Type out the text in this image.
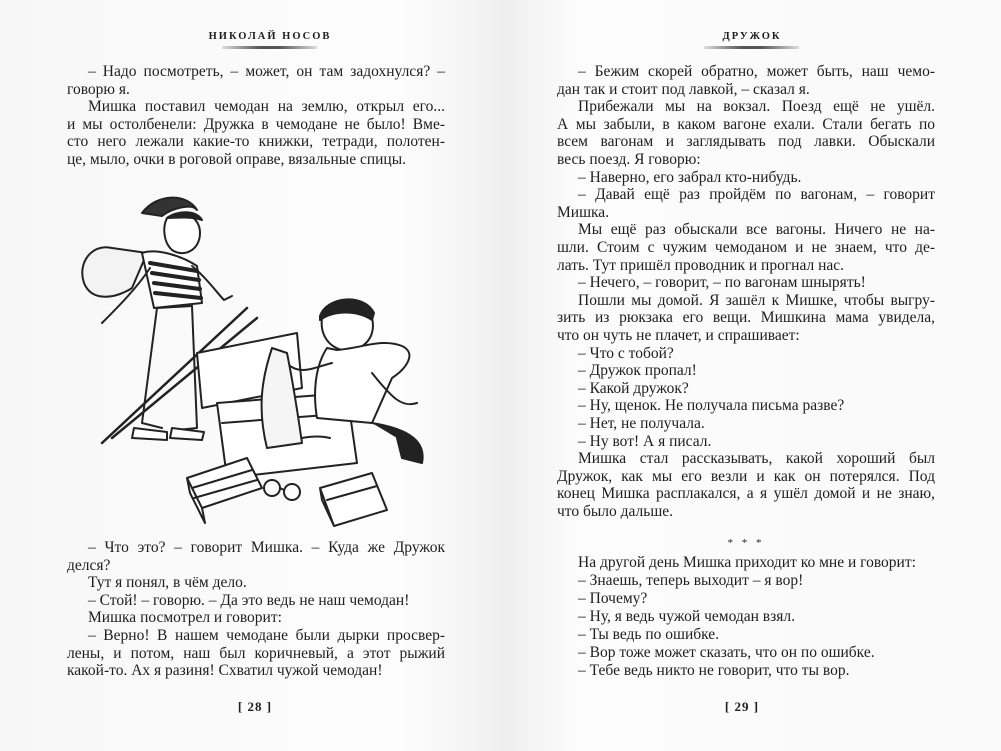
НИКОЛАЙ НОСОВ
– Надо посмотреть, – может, он там задохнулся? –
говорю я.
Мишка поставил чемодан на землю, открыл его...
и мы остолбенели: Дружка в чемодане не было! Вме-
сто него лежали какие-то книжки, тетради, полотен-
це, мыло, очки в роговой оправе, вязальные спицы.
– Что это? – говорит Мишка. – Куда же Дружок
делся?
Тут я понял, в чём дело.
– Стой! – говорю. – Да это ведь не наш чемодан!
Мишка посмотрел и говорит:
– Верно! В нашем чемодане были дырки просвер-
лены, и потом, наш был коричневый, а этот рыжий
какой-то. Ах я разиня! Схватил чужой чемодан!
[ 28 ]
ДРУЖОК
– Бежим скорей обратно, может быть, наш чемо-
дан так и стоит под лавкой, – сказал я.
Прибежали мы на вокзал. Поезд ещё не ушёл.
А мы забыли, в каком вагоне ехали. Стали бегать по
всем вагонам и заглядывать под лавки. Обыскали
весь поезд. Я говорю:
– Наверно, его забрал кто-нибудь.
– Давай ещё раз пройдём по вагонам, – говорит
Мишка.
Мы ещё раз обыскали все вагоны. Ничего не на-
шли. Стоим с чужим чемоданом и не знаем, что де-
лать. Тут пришёл проводник и прогнал нас.
– Нечего, – говорит, – по вагонам шнырять!
Пошли мы домой. Я зашёл к Мишке, чтобы выгру-
зить из рюкзака его вещи. Мишкина мама увидела,
что он чуть не плачет, и спрашивает:
– Что с тобой?
– Дружок пропал!
– Какой дружок?
– Ну, щенок. Не получала письма разве?
– Нет, не получала.
– Ну вот! А я писал.
Мишка стал рассказывать, какой хороший был
Дружок, как мы его везли и как он потерялся. Под
конец Мишка расплакался, а я ушёл домой и не знаю,
что было дальше.
* * *
На другой день Мишка приходит ко мне и говорит:
– Знаешь, теперь выходит – я вор!
– Почему?
– Ну, я ведь чужой чемодан взял.
– Ты ведь по ошибке.
– Вор тоже может сказать, что он по ошибке.
– Тебе ведь никто не говорит, что ты вор.
[ 29 ]
